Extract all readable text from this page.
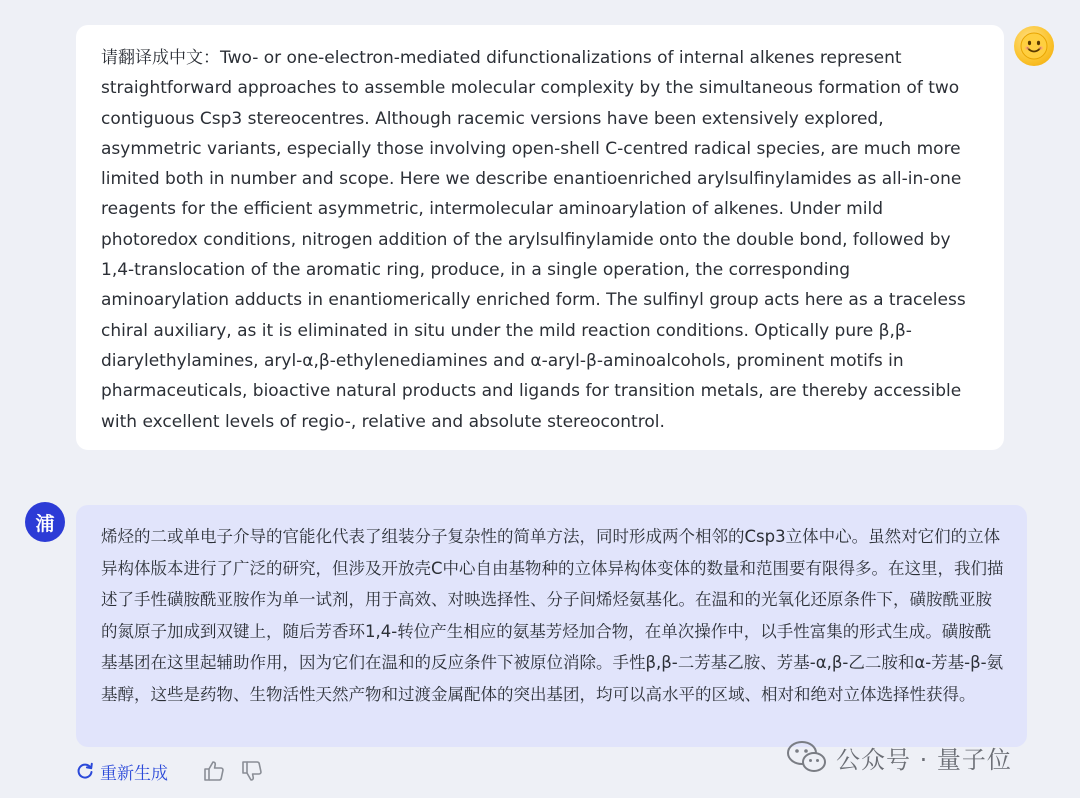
请翻译成中文：Two- or one-electron-mediated difunctionalizations of internal alkenes represent straightforward approaches to assemble molecular complexity by the simultaneous formation of two contiguous Csp3 stereocentres. Although racemic versions have been extensively explored, asymmetric variants, especially those involving open-shell C-centred radical species, are much more limited both in number and scope. Here we describe enantioenriched arylsulfinylamides as all-in-one reagents for the efficient asymmetric, intermolecular aminoarylation of alkenes. Under mild photoredox conditions, nitrogen addition of the arylsulfinylamide onto the double bond, followed by 1,4-translocation of the aromatic ring, produce, in a single operation, the corresponding aminoarylation adducts in enantiomerically enriched form. The sulfinyl group acts here as a traceless chiral auxiliary, as it is eliminated in situ under the mild reaction conditions. Optically pure β,β-diarylethylamines, aryl-α,β-ethylenediamines and α-aryl-β-aminoalcohols, prominent motifs in pharmaceuticals, bioactive natural products and ligands for transition metals, are thereby accessible with excellent levels of regio-, relative and absolute stereocontrol.

浦

烯烃的二或单电子介导的官能化代表了组装分子复杂性的简单方法，同时形成两个相邻的Csp3立体中心。虽然对它们的立体异构体版本进行了广泛的研究，但涉及开放壳C中心自由基物种的立体异构体变体的数量和范围要有限得多。在这里，我们描述了手性磺胺酰亚胺作为单一试剂，用于高效、对映选择性、分子间烯烃氨基化。在温和的光氧化还原条件下，磺胺酰亚胺的氮原子加成到双键上，随后芳香环1,4-转位产生相应的氨基芳烃加合物，在单次操作中，以手性富集的形式生成。磺胺酰基基团在这里起辅助作用，因为它们在温和的反应条件下被原位消除。手性β,β-二芳基乙胺、芳基-α,β-乙二胺和α-芳基-β-氨基醇，这些是药物、生物活性天然产物和过渡金属配体的突出基团，均可以高水平的区域、相对和绝对立体选择性获得。

重新生成	公众号 · 量子位
